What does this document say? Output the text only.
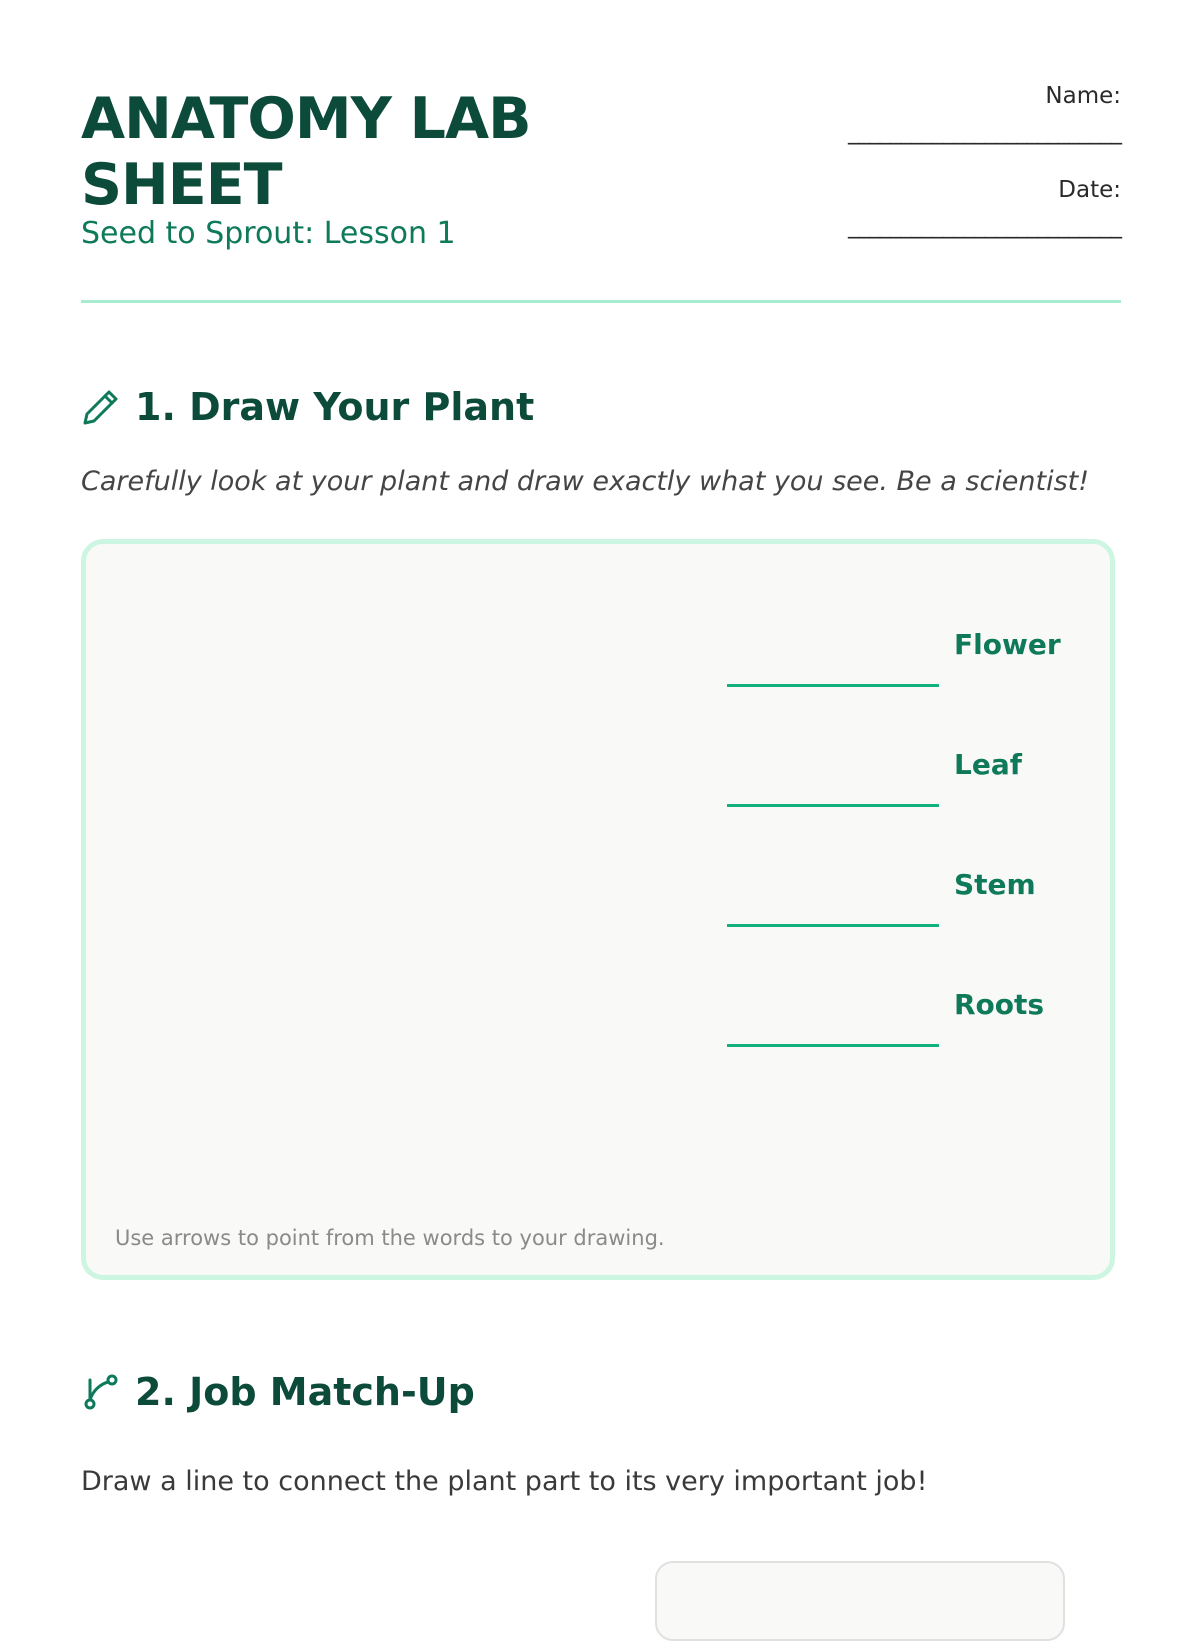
ANATOMY LAB SHEET

Seed to Sprout: Lesson 1

Name:
__________________________
Date:
__________________________
1. Draw Your Plant

Carefully look at your plant and draw exactly what you see. Be a scientist!

Flower
Leaf
Stem
Roots
Use arrows to point from the words to your drawing.
2. Job Match-Up

Draw a line to connect the plant part to its very important job!
